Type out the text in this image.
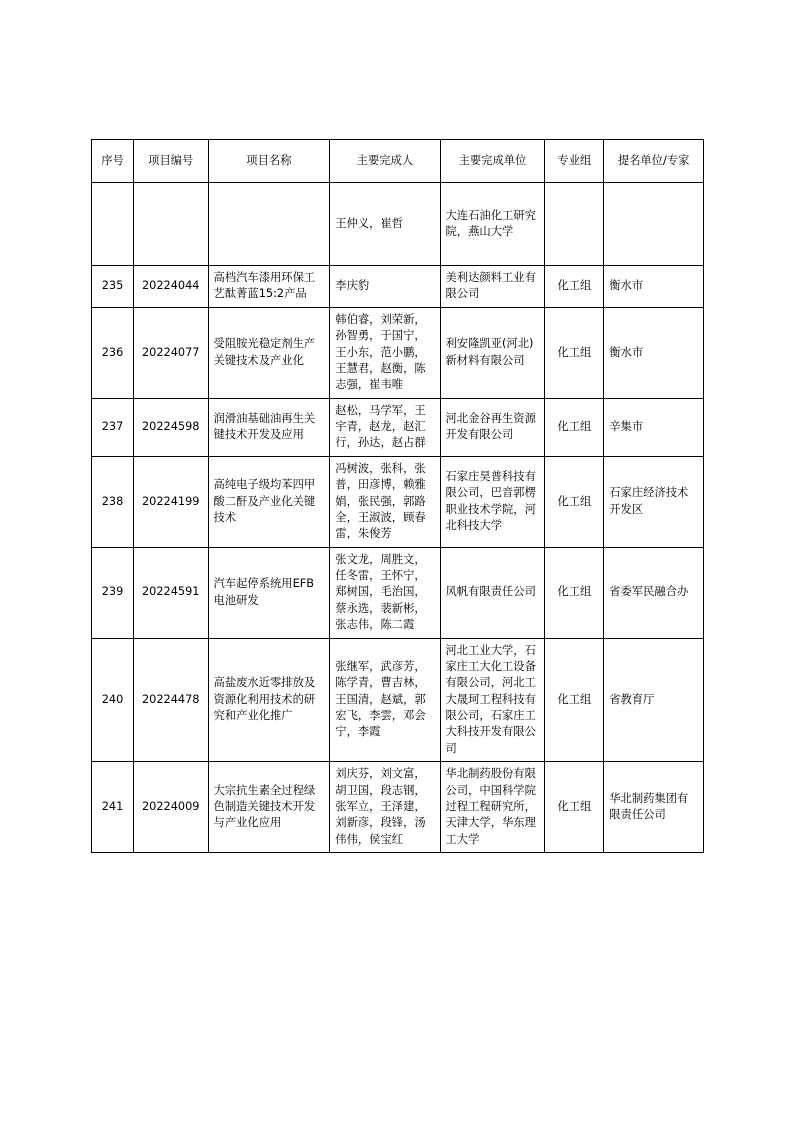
序号	项目编号	项目名称	主要完成人	主要完成单位	专业组	提名单位/专家
			王仲义，崔哲	大连石油化工研究院，燕山大学		
235	20224044	高档汽车漆用环保工艺酞菁蓝15:2产品	李庆豹	美利达颜料工业有限公司	化工组	衡水市
236	20224077	受阻胺光稳定剂生产关键技术及产业化	韩伯睿，刘荣新，孙智勇，于国宁，王小东，范小鹏，王慧君，赵衡，陈志强，崔韦唯	利安隆凯亚(河北)新材料有限公司	化工组	衡水市
237	20224598	润滑油基础油再生关键技术开发及应用	赵松，马学军，王宇青，赵龙，赵汇行，孙达，赵占群	河北金谷再生资源开发有限公司	化工组	辛集市
238	20224199	高纯电子级均苯四甲酸二酐及产业化关键技术	冯树波，张科，张普，田彦博，赖雅娟，张民强，郭路全，王淑波，顾春雷，朱俊芳	石家庄昊普科技有限公司，巴音郭楞职业技术学院，河北科技大学	化工组	石家庄经济技术开发区
239	20224591	汽车起停系统用EFB 电池研发	张文龙，周胜文，任冬雷，王怀宁，郑树国，毛治国，蔡永选，裴新彬，张志伟，陈二霞	风帆有限责任公司	化工组	省委军民融合办
240	20224478	高盐废水近零排放及资源化利用技术的研究和产业化推广	张继军，武彦芳，陈学青，曹吉林，王国清，赵斌，郭宏飞，李雲，邓会宁，李霞	河北工业大学，石家庄工大化工设备有限公司，河北工大晟珂工程科技有限公司，石家庄工大科技开发有限公司	化工组	省教育厅
241	20224009	大宗抗生素全过程绿色制造关键技术开发与产业化应用	刘庆芬，刘文富，胡卫国，段志钢，张军立，王泽建，刘新彦，段锋，汤伟伟，侯宝红	华北制药股份有限公司，中国科学院过程工程研究所，天津大学，华东理工大学	化工组	华北制药集团有限责任公司
